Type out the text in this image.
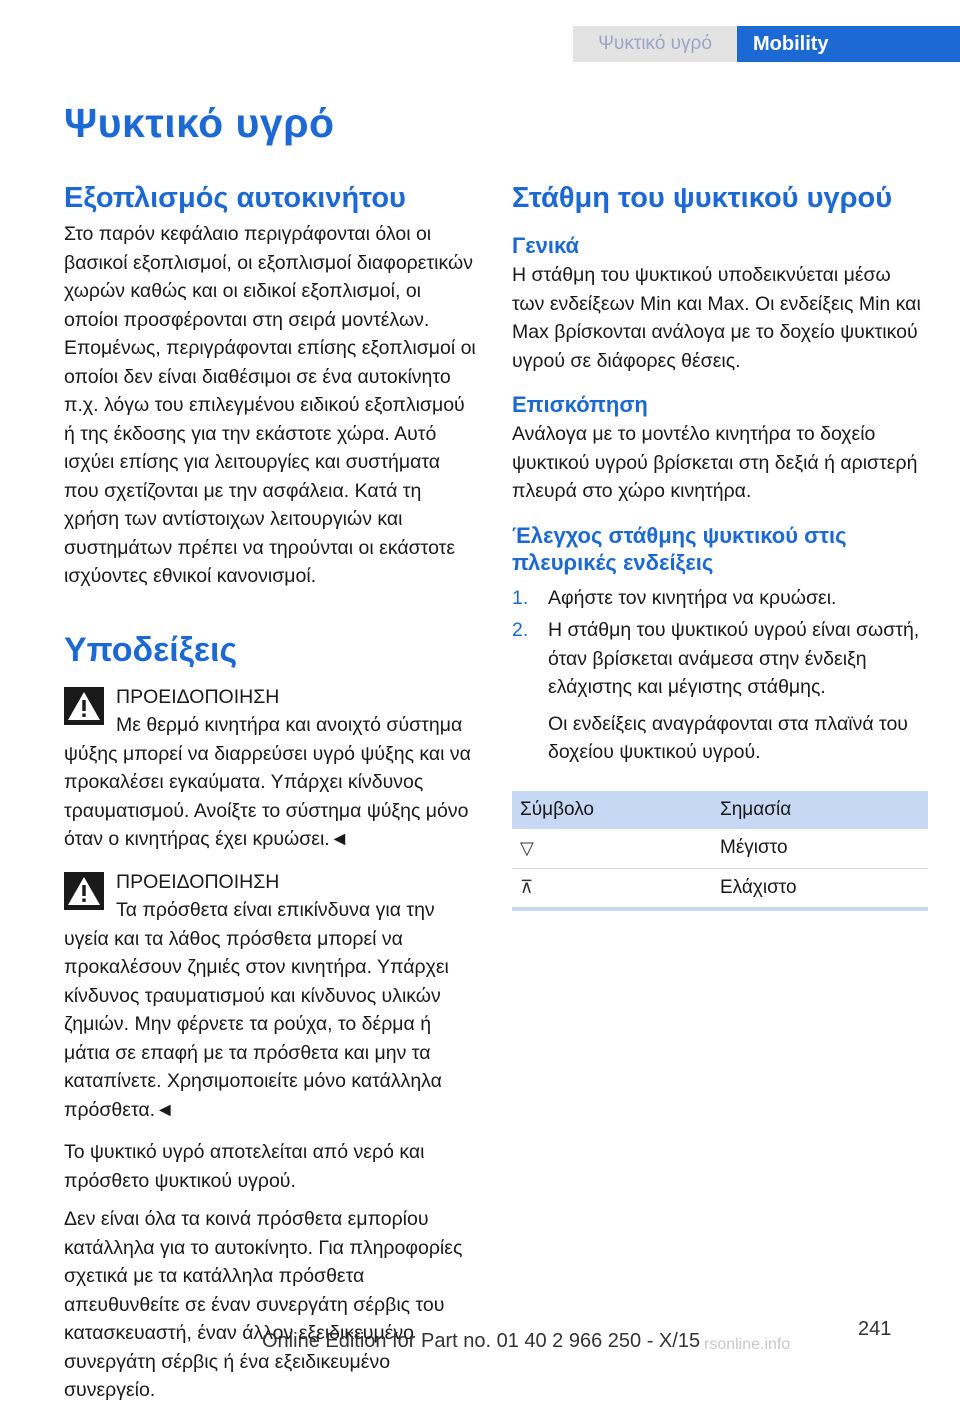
Ψυκτικό υγρό	Mobility
Ψυκτικό υγρό
Εξοπλισμός αυτοκινήτου

Στο παρόν κεφάλαιο περιγράφονται όλοι οι βασικοί εξοπλισμοί, οι εξοπλισμοί διαφορετικών χωρών καθώς και οι ειδικοί εξοπλισμοί, οι οποίοι προσφέρονται στη σειρά μοντέλων. Επομένως, περιγράφονται επίσης εξοπλισμοί οι οποίοι δεν είναι διαθέσιμοι σε ένα αυτοκίνητο π.χ. λόγω του επιλεγμένου ειδικού εξοπλισμού ή της έκδοσης για την εκάστοτε χώρα. Αυτό ισχύει επίσης για λειτουργίες και συστήματα που σχετίζονται με την ασφάλεια. Κατά τη χρήση των αντίστοιχων λειτουργιών και συστημάτων πρέπει να τηρούνται οι εκάστοτε ισχύοντες εθνικοί κανονισμοί.

Υποδείξεις
ΠΡΟΕΙΔΟΠΟΙΗΣΗ
Με θερμό κινητήρα και ανοιχτό σύστημα
ψύξης μπορεί να διαρρεύσει υγρό ψύξης και να προκαλέσει εγκαύματα. Υπάρχει κίνδυνος τραυματισμού. Ανοίξτε το σύστημα ψύξης μόνο όταν ο κινητήρας έχει κρυώσει.◄
ΠΡΟΕΙΔΟΠΟΙΗΣΗ
Τα πρόσθετα είναι επικίνδυνα για την
υγεία και τα λάθος πρόσθετα μπορεί να προκαλέσουν ζημιές στον κινητήρα. Υπάρχει κίνδυνος τραυματισμού και κίνδυνος υλικών ζημιών. Μην φέρνετε τα ρούχα, το δέρμα ή μάτια σε επαφή με τα πρόσθετα και μην τα καταπίνετε. Χρησιμοποιείτε μόνο κατάλληλα πρόσθετα.◄

Το ψυκτικό υγρό αποτελείται από νερό και πρόσθετο ψυκτικού υγρού.

Δεν είναι όλα τα κοινά πρόσθετα εμπορίου κατάλληλα για το αυτοκίνητο. Για πληροφορίες σχετικά με τα κατάλληλα πρόσθετα απευθυνθείτε σε έναν συνεργάτη σέρβις του κατασκευαστή, έναν άλλον εξειδικευμένο συνεργάτη σέρβις ή ένα εξειδικευμένο συνεργείο.

Στάθμη του ψυκτικού υγρού
Γενικά

Η στάθμη του ψυκτικού υποδεικνύεται μέσω των ενδείξεων Min και Max. Οι ενδείξεις Min και Max βρίσκονται ανάλογα με το δοχείο ψυκτικού υγρού σε διάφορες θέσεις.

Επισκόπηση

Ανάλογα με το μοντέλο κινητήρα το δοχείο ψυκτικού υγρού βρίσκεται στη δεξιά ή αριστερή πλευρά στο χώρο κινητήρα.

Έλεγχος στάθμης ψυκτικού στις πλευρικές ενδείξεις
1. Αφήστε τον κινητήρα να κρυώσει.
2. Η στάθμη του ψυκτικού υγρού είναι σωστή, όταν βρίσκεται ανάμεσα στην ένδειξη ελάχιστης και μέγιστης στάθμης.
Οι ενδείξεις αναγράφονται στα πλαϊνά του δοχείου ψυκτικού υγρού.
Σύμβολο	Σημασία
▽	Μέγιστο
⊼	Ελάχιστο
241
Online Edition for Part no. 01 40 2 966 250 - X/15 rsonline.info
